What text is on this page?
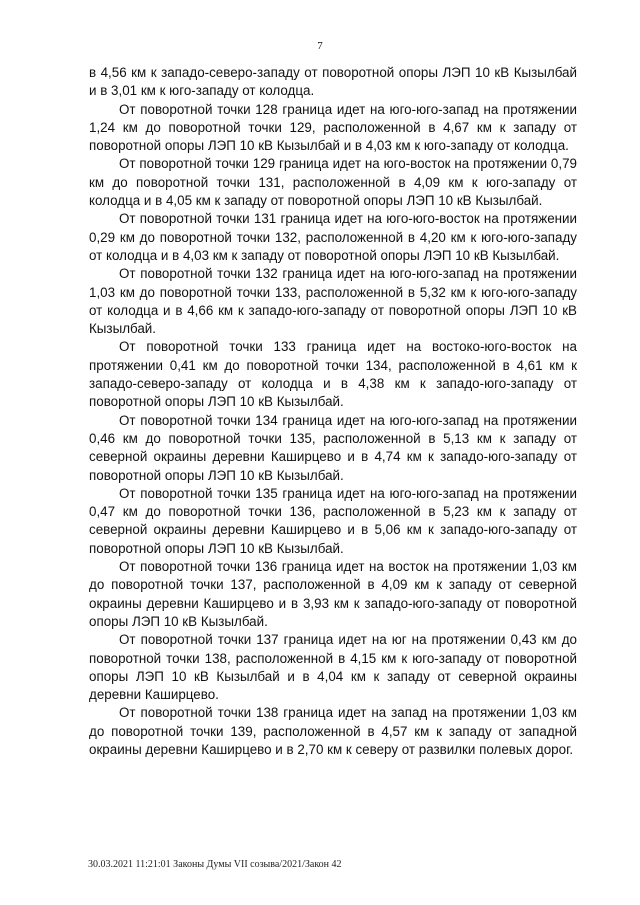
7

в 4,56 км к западо-северо-западу от поворотной опоры ЛЭП 10 кВ Кызылбай и в 3,01 км к юго-западу от колодца.

От поворотной точки 128 граница идет на юго-юго-запад на протяжении 1,24 км до поворотной точки 129, расположенной в 4,67 км к западу от поворотной опоры ЛЭП 10 кВ Кызылбай и в 4,03 км к юго-западу от колодца.

От поворотной точки 129 граница идет на юго-восток на протяжении 0,79 км до поворотной точки 131, расположенной в 4,09 км к юго-западу от колодца и в 4,05 км к западу от поворотной опоры ЛЭП 10 кВ Кызылбай.

От поворотной точки 131 граница идет на юго-юго-восток на протяжении 0,29 км до поворотной точки 132, расположенной в 4,20 км к юго-юго-западу от колодца и в 4,03 км к западу от поворотной опоры ЛЭП 10 кВ Кызылбай.

От поворотной точки 132 граница идет на юго-юго-запад на протяжении 1,03 км до поворотной точки 133, расположенной в 5,32 км к юго-юго-западу от колодца и в 4,66 км к западо-юго-западу от поворотной опоры ЛЭП 10 кВ Кызылбай.

От поворотной точки 133 граница идет на востоко-юго-восток на протяжении 0,41 км до поворотной точки 134, расположенной в 4,61 км к западо-северо-западу от колодца и в 4,38 км к западо-юго-западу от поворотной опоры ЛЭП 10 кВ Кызылбай.

От поворотной точки 134 граница идет на юго-юго-запад на протяжении 0,46 км до поворотной точки 135, расположенной в 5,13 км к западу от северной окраины деревни Каширцево и в 4,74 км к западо-юго-западу от поворотной опоры ЛЭП 10 кВ Кызылбай.

От поворотной точки 135 граница идет на юго-юго-запад на протяжении 0,47 км до поворотной точки 136, расположенной в 5,23 км к западу от северной окраины деревни Каширцево и в 5,06 км к западо-юго-западу от поворотной опоры ЛЭП 10 кВ Кызылбай.

От поворотной точки 136 граница идет на восток на протяжении 1,03 км до поворотной точки 137, расположенной в 4,09 км к западу от северной окраины деревни Каширцево и в 3,93 км к западо-юго-западу от поворотной опоры ЛЭП 10 кВ Кызылбай.

От поворотной точки 137 граница идет на юг на протяжении 0,43 км до поворотной точки 138, расположенной в 4,15 км к юго-западу от поворотной опоры ЛЭП 10 кВ Кызылбай и в 4,04 км к западу от северной окраины деревни Каширцево.

От поворотной точки 138 граница идет на запад на протяжении 1,03 км до поворотной точки 139, расположенной в 4,57 км к западу от западной окраины деревни Каширцево и в 2,70 км к северу от развилки полевых дорог.

30.03.2021 11:21:01 Законы Думы VII созыва/2021/Закон 42
